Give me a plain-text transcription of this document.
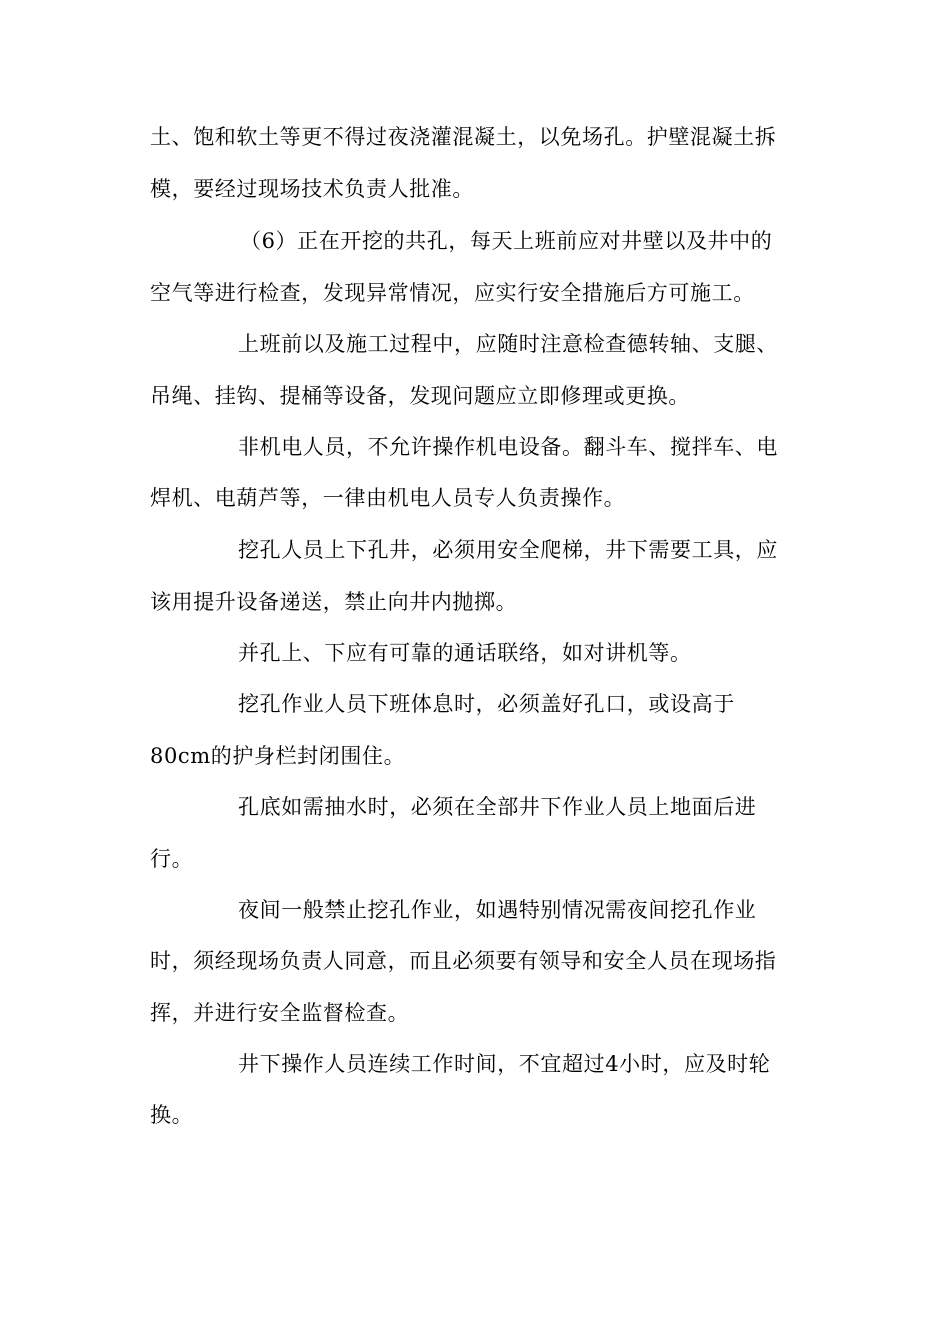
土、饱和软土等更不得过夜浇灌混凝土，以免场孔。护壁混凝土拆
模，要经过现场技术负责人批准。
（6）正在开挖的共孔，每天上班前应对井壁以及井中的
空气等进行检查，发现异常情况，应实行安全措施后方可施工。
上班前以及施工过程中，应随时注意检查德转轴、支腿、
吊绳、挂钩、提桶等设备，发现问题应立即修理或更换。
非机电人员，不允许操作机电设备。翻斗车、搅拌车、电
焊机、电葫芦等，一律由机电人员专人负责操作。
挖孔人员上下孔井，必须用安全爬梯，井下需要工具，应
该用提升设备递送，禁止向井内抛掷。
并孔上、下应有可靠的通话联络，如对讲机等。
挖孔作业人员下班体息时，必须盖好孔口，或设高于
80cm的护身栏封闭围住。
孔底如需抽水时，必须在全部井下作业人员上地面后进
行。
夜间一般禁止挖孔作业，如遇特别情况需夜间挖孔作业
时，须经现场负责人同意，而且必须要有领导和安全人员在现场指
挥，并进行安全监督检查。
井下操作人员连续工作时间，不宜超过4小时，应及时轮
换。
